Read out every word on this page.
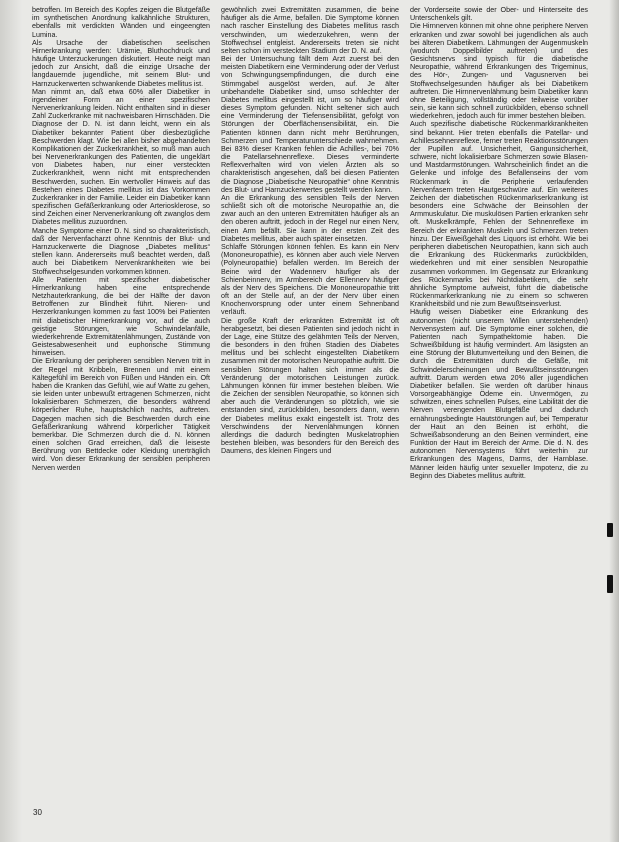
betroffen. Im Bereich des Kopfes zeigen die Blutgefäße im synthetischen Anordnung kalkähnliche Strukturen, ebenfalls mit verdickten Wänden und eingeengten Lumina.

Als Ursache der diabetischen seelischen Hirnerkrankung werden: Urämie, Bluthochdruck und häufige Unterzuckerungen diskutiert. Heute neigt man jedoch zur Ansicht, daß die einzige Ursache der langdauernde jugendliche, mit seinem Blut- und Harnzuckerwerten schwankende Diabetes mellitus ist.

Man nimmt an, daß etwa 60% aller Diabetiker in irgendeiner Form an einer spezifischen Nervenerkrankung leiden. Nicht enthalten sind in dieser Zahl Zuckerkranke mit nachweisbaren Hirnschäden. Die Diagnose der D. N. ist dann leicht, wenn ein als Diabetiker bekannter Patient über diesbezügliche Beschwerden klagt. Wie bei allen bisher abgehandelten Komplikationen der Zuckerkrankheit, so muß man auch bei Nervenerkrankungen des Patienten, die ungeklärt von Diabetes haben, nur einer versteckten Zuckerkrankheit, wenn nicht mit entsprechenden Beschwerden, suchen. Ein wertvoller Hinweis auf das Bestehen eines Diabetes mellitus ist das Vorkommen Zuckerkranker in der Familie. Leider ein Diabetiker kann spezifischen Gefäßerkrankung oder Arteriosklerose, so sind Zeichen einer Nervenerkrankung oft zwanglos dem Diabetes mellitus zuzuordnen.

Manche Symptome einer D. N. sind so charakteristisch, daß der Nervenfacharzt ohne Kenntnis der Blut- und Harnzuckerwerte die Diagnose „Diabetes mellitus“ stellen kann. Andererseits muß beachtet werden, daß auch bei Diabetikern Nervenkrankheiten wie bei Stoffwechselgesunden vorkommen können.

Alle Patienten mit spezifischer diabetischer Hirnerkrankung haben eine entsprechende Netzhauterkrankung, die bei der Hälfte der davon Betroffenen zur Blindheit führt. Nieren- und Herzerkrankungen kommen zu fast 100% bei Patienten mit diabetischer Hirnerkrankung vor, auf die auch geistige Störungen, wie Schwindelanfälle, wiederkehrende Extremitätenlähmungen, Zustände von Geistesabwesenheit und euphorische Stimmung hinweisen.

Die Erkrankung der peripheren sensiblen Nerven tritt in der Regel mit Kribbeln, Brennen und mit einem Kältegefühl im Bereich von Füßen und Händen ein. Oft haben die Kranken das Gefühl, wie auf Watte zu gehen, sie leiden unter unbewußt ertragenen Schmerzen, nicht lokalisierbaren Schmerzen, die besonders während körperlicher Ruhe, hauptsächlich nachts, auftreten. Dagegen machen sich die Beschwerden durch eine Gefäßerkrankung während körperlicher Tätigkeit bemerkbar. Die Schmerzen durch die d. N. können einen solchen Grad erreichen, daß die leiseste Berührung von Bettdecke oder Kleidung unerträglich wird. Von dieser Erkrankung der sensiblen peripheren Nerven werden

gewöhnlich zwei Extremitäten zusammen, die beine häufiger als die Arme, befallen. Die Symptome können nach rascher Einstellung des Diabetes mellitus rasch verschwinden, um wiederzukehren, wenn der Stoffwechsel entgleist. Andererseits treten sie nicht selten schon im versteckten Stadium der D. N. auf.

Bei der Untersuchung fällt dem Arzt zuerst bei den meisten Diabetikern eine Verminderung oder der Verlust von Schwingungsempfindungen, die durch eine Stimmgabel ausgelöst werden, auf. Je älter unbehandelte Diabetiker sind, umso schlechter der Diabetes mellitus eingestellt ist, um so häufiger wird dieses Symptom gefunden. Nicht seltener sich auch eine Verminderung der Tiefensensibilität, gefolgt von Störungen der Oberflächensensibilität, ein. Die Patienten können dann nicht mehr Berührungen, Schmerzen und Temperaturunterschiede wahrnehmen. Bei 83% dieser Kranken fehlen die Achilles-, bei 70% die Patellarsehnenreflexe. Dieses verminderte Reflexverhalten wird von vielen Ärzten als so charakteristisch angesehen, daß bei diesen Patienten die Diagnose „Diabetische Neuropathie“ ohne Kenntnis des Blut- und Harnzuckerwertes gestellt werden kann.

An die Erkrankung des sensiblen Teils der Nerven schließt sich oft die motorische Neuropathie an, die zwar auch an den unteren Extremitäten häufiger als an den oberen auftritt, jedoch in der Regel nur einen Nerv, einen Arm befällt. Sie kann in der ersten Zeit des Diabetes mellitus, aber auch später einsetzen.

Schlaffe Störungen können fehlen. Es kann ein Nerv (Mononeuropathie), es können aber auch viele Nerven (Polyneuropathie) befallen werden. Im Bereich der Beine wird der Wadennerv häufiger als der Schienbeinnerv, im Armbereich der Ellennerv häufiger als der Nerv des Speichens. Die Mononeuropathie tritt oft an der Stelle auf, an der der Nerv über einen Knochenvorsprung oder unter einem Sehnenband verläuft.

Die große Kraft der erkrankten Extremität ist oft herabgesetzt, bei diesen Patienten sind jedoch nicht in der Lage, eine Stütze des gelähmten Teils der Nerven, die besonders in den frühen Stadien des Diabetes mellitus und bei schlecht eingestellten Diabetikern zusammen mit der motorischen Neuropathie auftritt. Die sensiblen Störungen halten sich immer als die Veränderung der motorischen Leistungen zurück. Lähmungen können für immer bestehen bleiben. Wie die Zeichen der sensiblen Neuropathie, so können sich aber auch die Veränderungen so plötzlich, wie sie entstanden sind, zurückbilden, besonders dann, wenn der Diabetes mellitus exakt eingestellt ist. Trotz des Verschwindens der Nervenlähmungen können allerdings die dadurch bedingten Muskelatrophien bestehen bleiben, was besonders für den Bereich des Daumens, des kleinen Fingers und

der Vorderseite sowie der Ober- und Hinterseite des Unterschenkels gilt.

Die Hirnnerven können mit ohne ohne periphere Nerven erkranken und zwar sowohl bei jugendlichen als auch bei älteren Diabetikern. Lähmungen der Augenmuskeln (wodurch Doppelbilder auftreten) und des Gesichtsnervs sind typisch für die diabetische Neuropathie, während Erkrankungen des Trigeminus, des Hör-, Zungen- und Vagusnerven bei Stoffwechselgesunden häufiger als bei Diabetikern auftreten. Die Hirnnervenlähmung beim Diabetiker kann ohne Beteiligung, vollständig oder teilweise vorüber sein, sie kann sich schnell zurückbilden, ebenso schnell wiederkehren, jedoch auch für immer bestehen bleiben.

Auch spezifische diabetische Rückenmarkkrankheiten sind bekannt. Hier treten ebenfalls die Patellar- und Achillessehnenreflexe, ferner treten Reaktionsstörungen der Pupillen auf. Unsicherheit, Gangunsicherheit, schwere, nicht lokalisierbare Schmerzen sowie Blasen- und Mastdarmstörungen. Wahrscheinlich findet an die Gelenke und infolge des Befallenseins der vom Rückenmark in die Peripherie verlaufenden Nervenfasern treten Hautgeschwüre auf. Ein weiteres Zeichen der diabetischen Rückenmarkserkrankung ist besonders eine Schwäche der Beinsohlen der Armmuskulatur. Die muskulösen Partien erkranken sehr oft. Muskelkrämpfe, Fehlen der Sehnenreflexe im Bereich der erkrankten Muskeln und Schmerzen treten hinzu. Der Eiweißgehalt des Liquors ist erhöht. Wie bei peripheren diabetischen Neuropathien, kann sich auch die Erkrankung des Rückenmarks zurückbilden, wiederkehren und mit einer sensiblen Neuropathie zusammen vorkommen. Im Gegensatz zur Erkrankung des Rückenmarks bei Nichtdiabetikern, die sehr ähnliche Symptome aufweist, führt die diabetische Rückenmarkerkrankung nie zu einem so schweren Krankheitsbild und nie zum Bewußtseinsverlust.

Häufig weisen Diabetiker eine Erkrankung des autonomen (nicht unserem Willen unterstehenden) Nervensystem auf. Die Symptome einer solchen, die Patienten nach Sympathektomie haben. Die Schweißbildung ist häufig vermindert. Am läsigsten an eine Störung der Blutumverteilung und den Beinen, die durch die Extremitäten durch die Gefäße, mit Schwindelerscheinungen und Bewußtseinsstörungen auftritt. Darum werden etwa 20% aller jugendlichen Diabetiker befallen. Sie werden oft darüber hinaus Vorsorgeabhängige Ödeme ein. Unvermögen, zu schwitzen, eines schnellen Pulses, eine Labilität der die Nerven verengenden Blutgefäße und dadurch ernährungsbedingte Hautstörungen auf, bei Temperatur der Haut an den Beinen ist erhöht, die Schweißabsonderung an den Beinen vermindert, eine Funktion der Haut im Bereich der Arme. Die d. N. des autonomen Nervensystems führt weiterhin zur Erkrankungen des Magens, Darms, der Harnblase. Männer leiden häufig unter sexueller Impotenz, die zu Beginn des Diabetes mellitus auftritt.

30
